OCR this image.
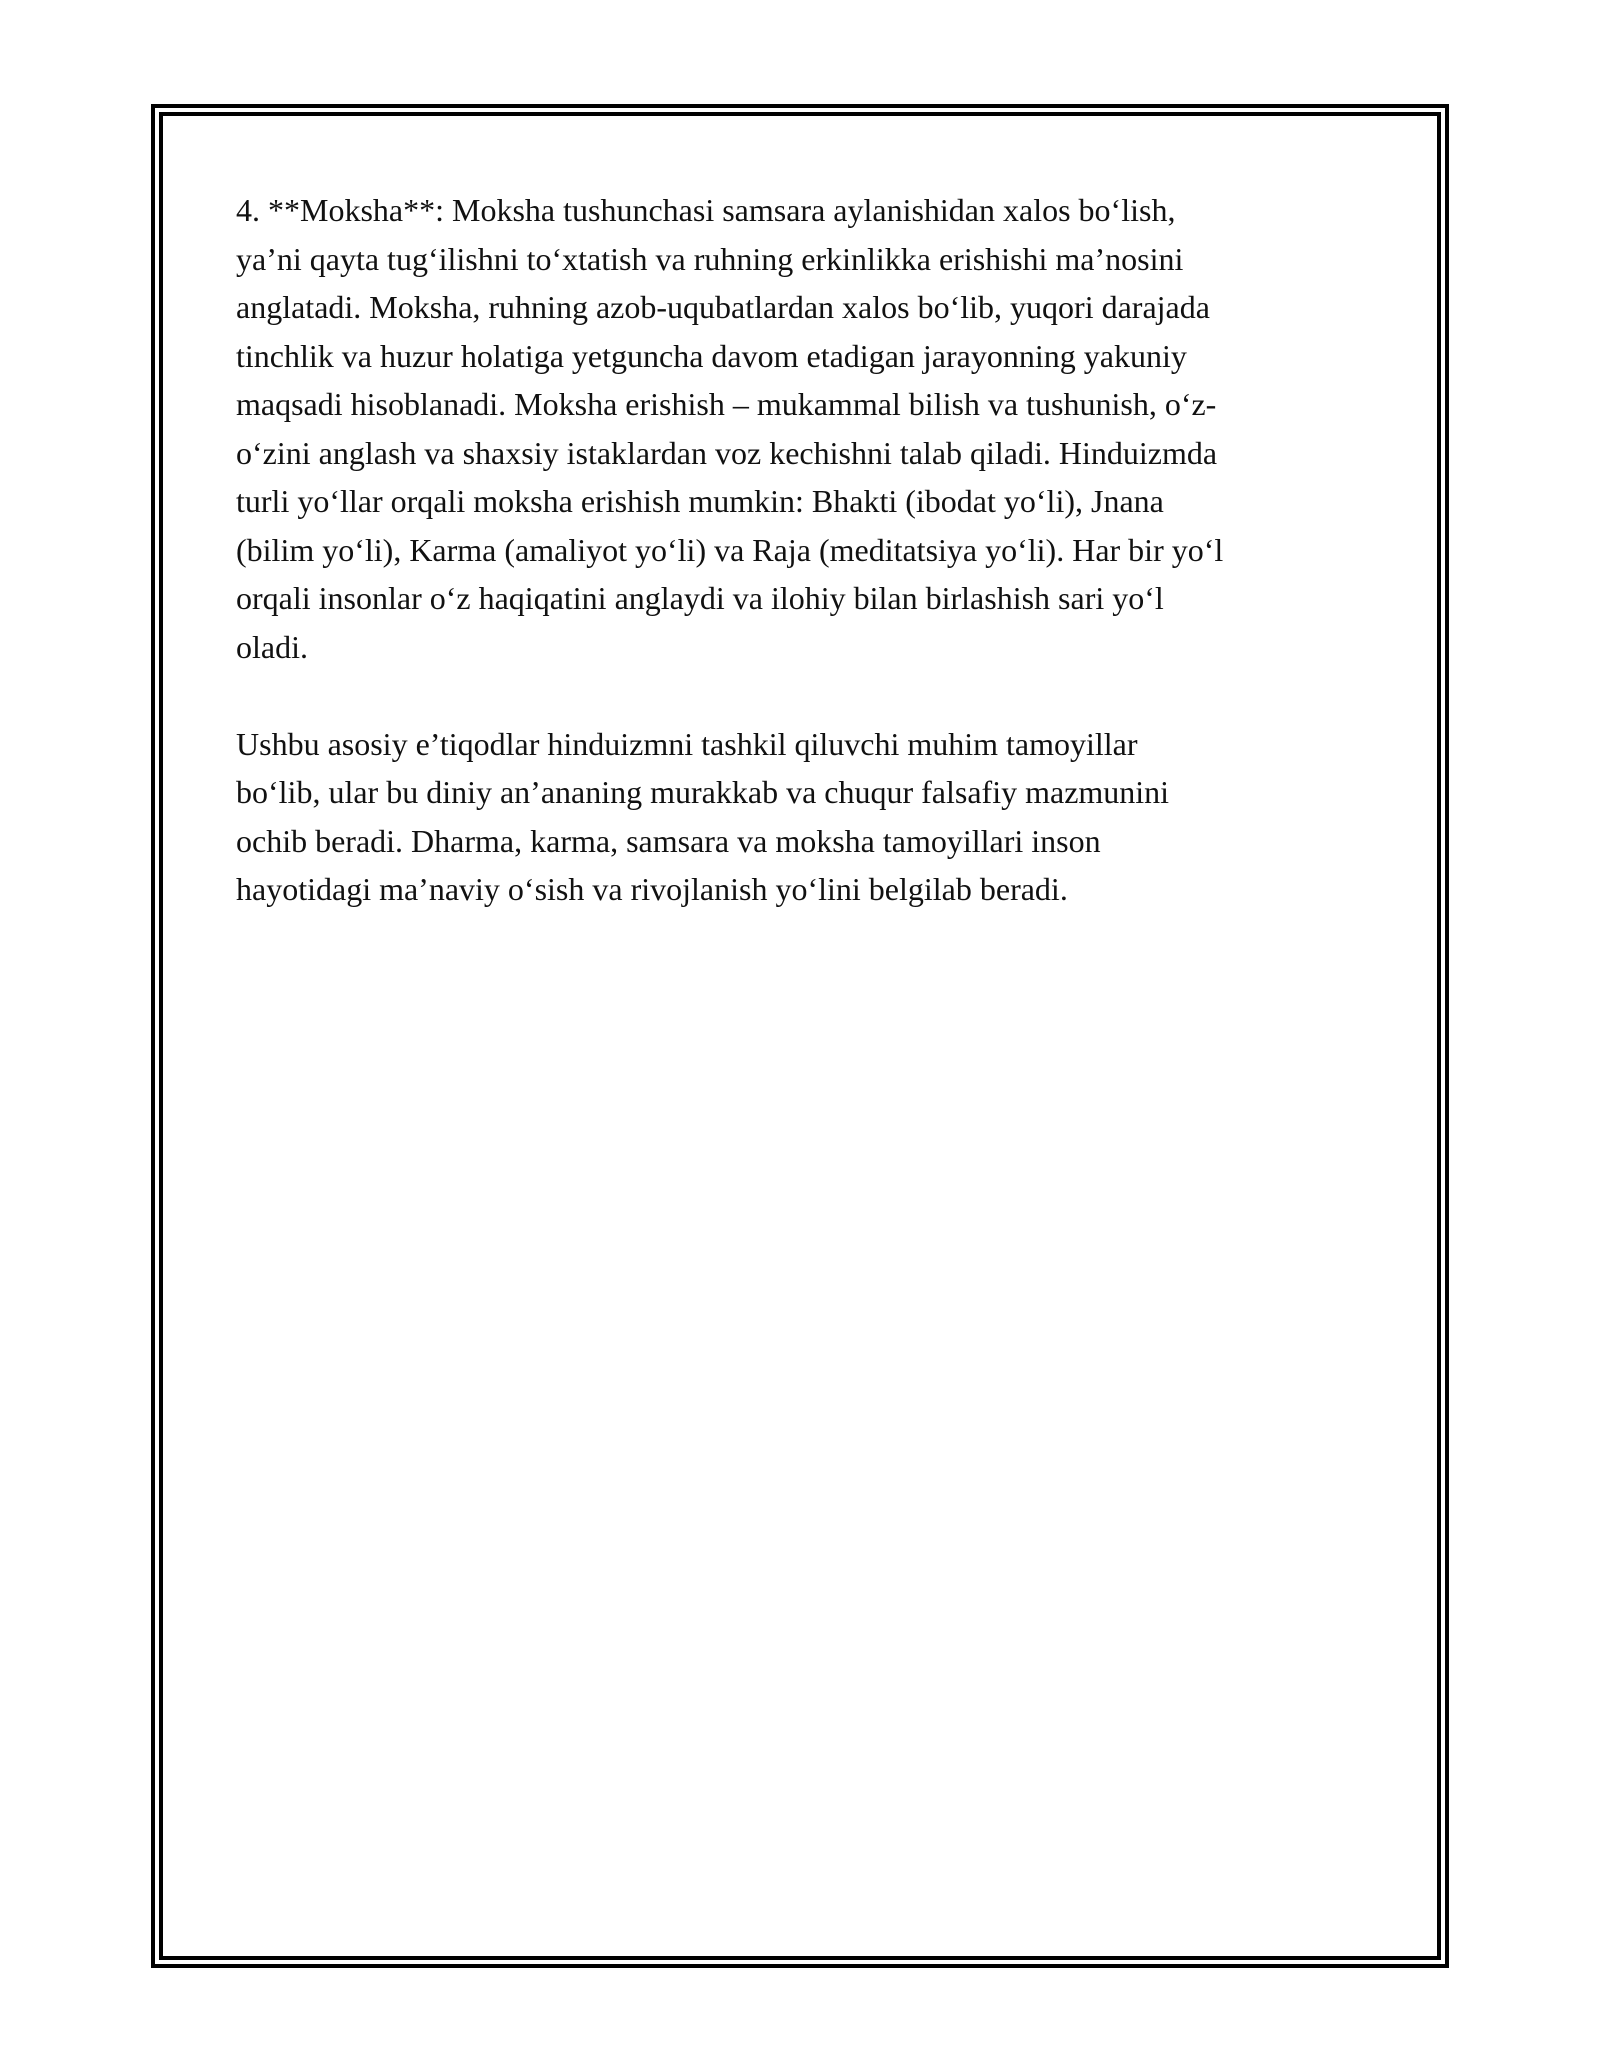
4. **Moksha**: Moksha tushunchasi samsara aylanishidan xalos bo‘lish,
ya’ni qayta tug‘ilishni to‘xtatish va ruhning erkinlikka erishishi ma’nosini
anglatadi. Moksha, ruhning azob-uqubatlardan xalos bo‘lib, yuqori darajada
tinchlik va huzur holatiga yetguncha davom etadigan jarayonning yakuniy
maqsadi hisoblanadi. Moksha erishish – mukammal bilish va tushunish, o‘z-
o‘zini anglash va shaxsiy istaklardan voz kechishni talab qiladi. Hinduizmda
turli yo‘llar orqali moksha erishish mumkin: Bhakti (ibodat yo‘li), Jnana
(bilim yo‘li), Karma (amaliyot yo‘li) va Raja (meditatsiya yo‘li). Har bir yo‘l
orqali insonlar o‘z haqiqatini anglaydi va ilohiy bilan birlashish sari yo‘l
oladi.

Ushbu asosiy e’tiqodlar hinduizmni tashkil qiluvchi muhim tamoyillar
bo‘lib, ular bu diniy an’ananing murakkab va chuqur falsafiy mazmunini
ochib beradi. Dharma, karma, samsara va moksha tamoyillari inson
hayotidagi ma’naviy o‘sish va rivojlanish yo‘lini belgilab beradi.
